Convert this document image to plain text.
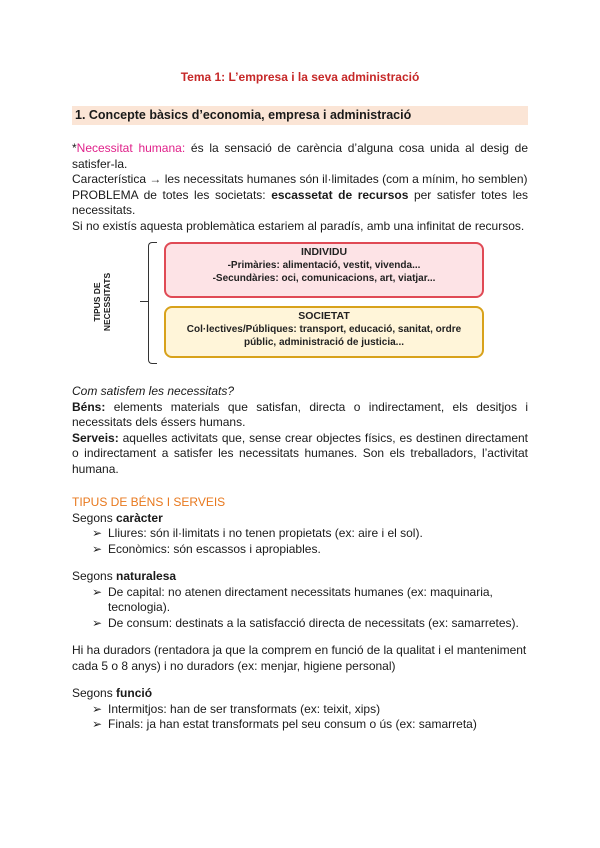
Tema 1: L’empresa i la seva administració
1. Concepte bàsics d’economia, empresa i administració

*Necessitat humana: és la sensació de carència d’alguna cosa unida al desig de satisfer-la.

Característica → les necessitats humanes són il·limitades (com a mínim, ho semblen)

PROBLEMA de totes les societats: escassetat de recursos per satisfer totes les necessitats.

Si no existís aquesta problemàtica estariem al paradís, amb una infinitat de recursos.

TIPUS DE NECESSITATS
INDIVIDU
-Primàries: alimentació, vestit, vivenda...
-Secundàries: oci, comunicacions, art, viatjar...
SOCIETAT
Col·lectives/Públiques: transport, educació, sanitat, ordre
públic, administració de justicia...

Com satisfem les necessitats?

Béns: elements materials que satisfan, directa o indirectament, els desitjos i necessitats dels éssers humans.

Serveis: aquelles activitats que, sense crear objectes físics, es destinen directament o indirectament a satisfer les necessitats humanes. Son els treballadors, l’activitat humana.

TIPUS DE BÉNS I SERVEIS

Segons caràcter

➢ Lliures: són il·limitats i no tenen propietats (ex: aire i el sol).
➢ Econòmics: són escassos i apropiables.

Segons naturalesa

➢ De capital: no atenen directament necessitats humanes (ex: maquinaria, tecnologia).
➢ De consum: destinats a la satisfacció directa de necessitats (ex: samarretes).

Hi ha duradors (rentadora ja que la comprem en funció de la qualitat i el manteniment cada 5 o 8 anys) i no duradors (ex: menjar, higiene personal)

Segons funció

➢ Intermitjos: han de ser transformats (ex: teixit, xips)
➢ Finals: ja han estat transformats pel seu consum o ús (ex: samarreta)
